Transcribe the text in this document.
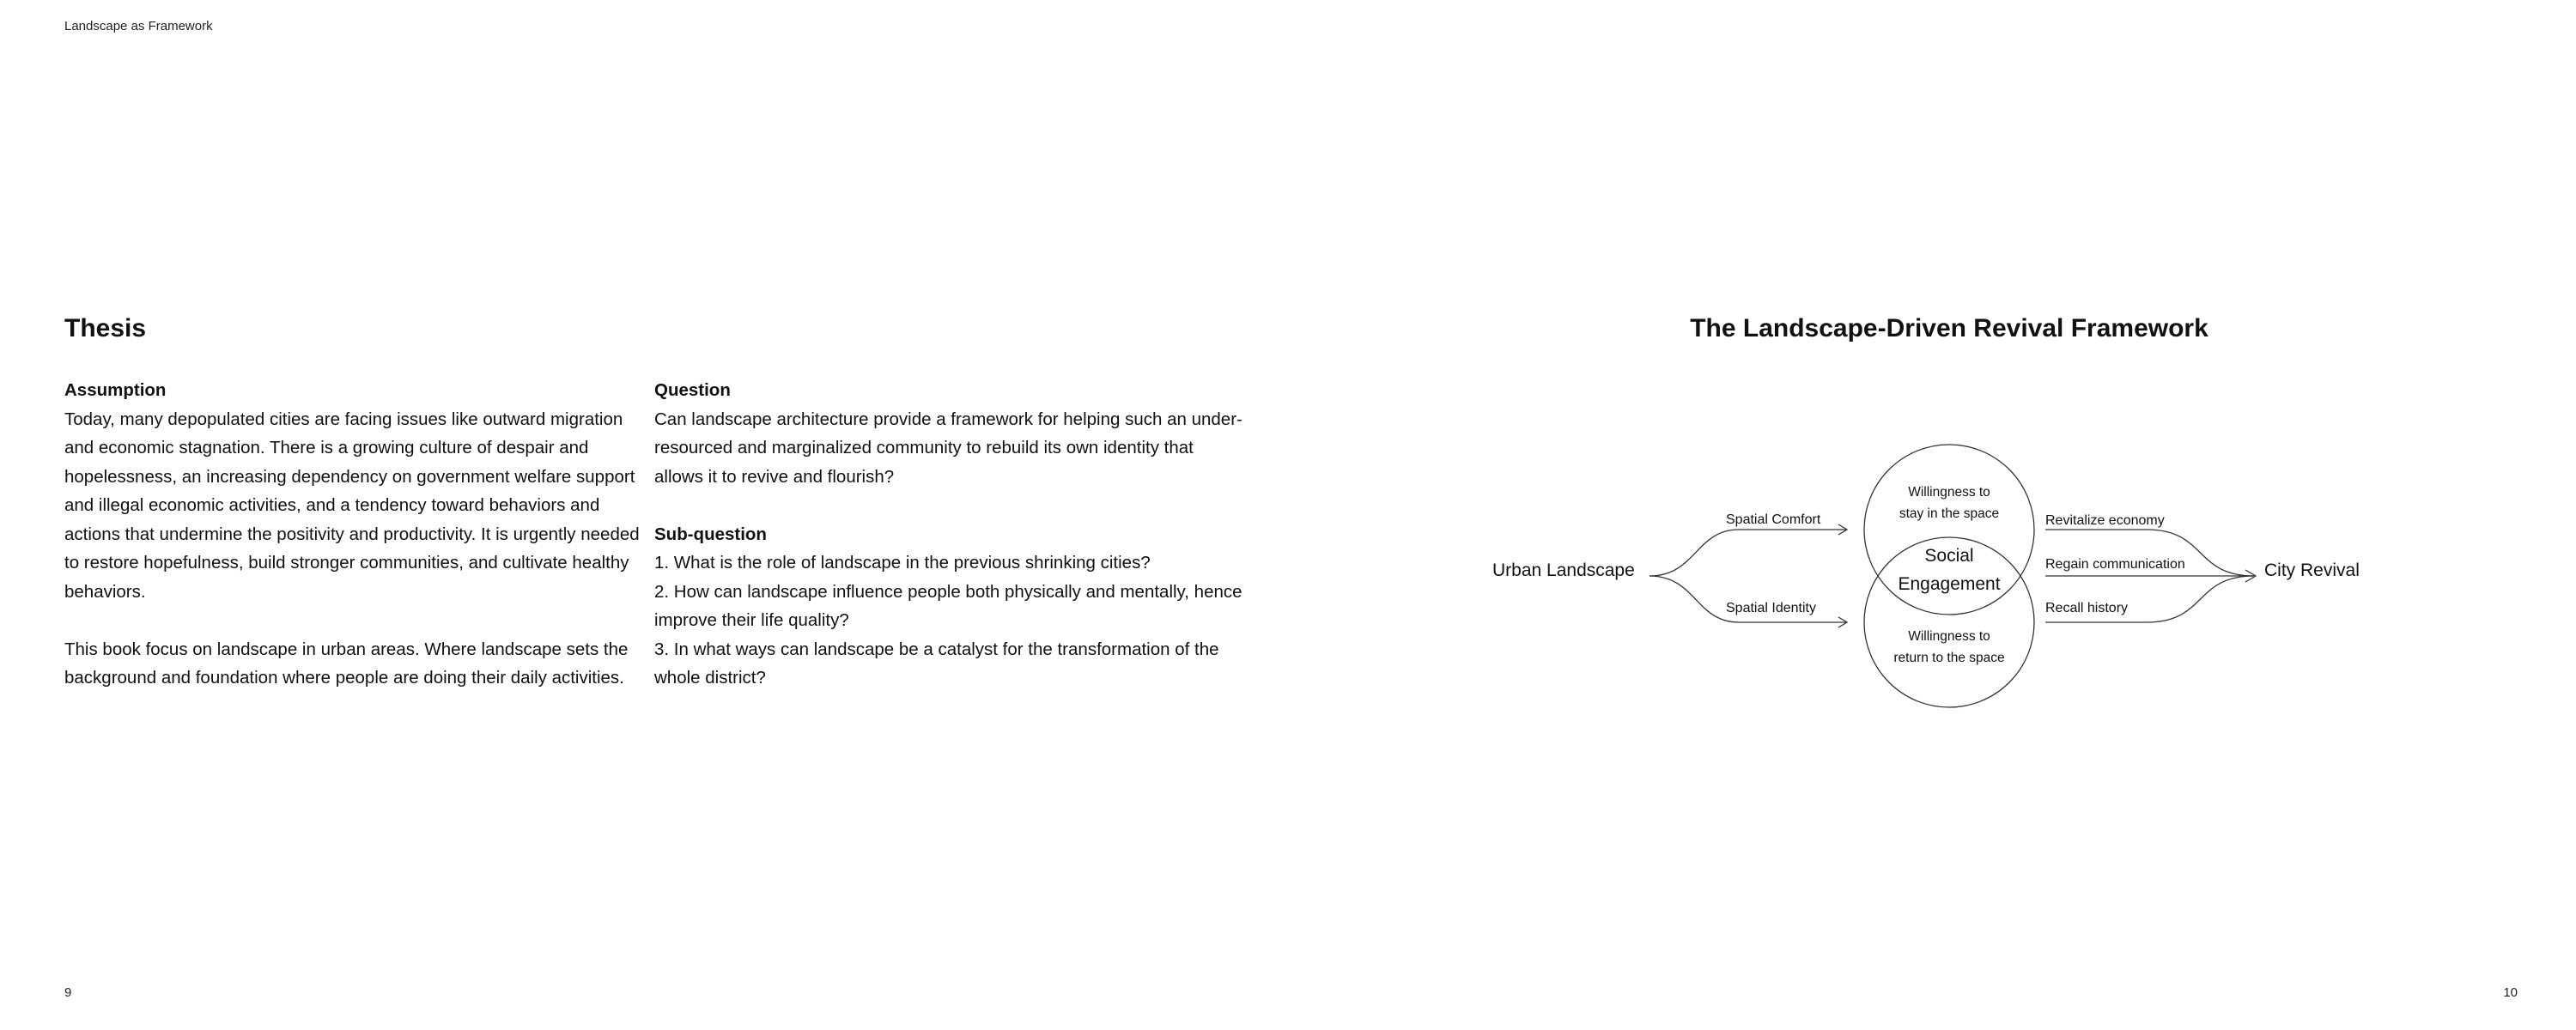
Landscape as Framework
Thesis
Assumption

Today, many depopulated cities are facing issues like outward migration and economic stagnation. There is a growing culture of despair and hopelessness, an increasing dependency on government welfare support and illegal economic activities, and a tendency toward behaviors and actions that undermine the positivity and productivity. It is urgently needed to restore hopefulness, build stronger communities, and cultivate healthy behaviors.

This book focus on landscape in urban areas. Where landscape sets the background and foundation where people are doing their daily activities.

Question

Can landscape architecture provide a framework for helping such an under-resourced and marginalized community to rebuild its own identity that allows it to revive and flourish?

Sub-question

1. What is the role of landscape in the previous shrinking cities?

2. How can landscape influence people both physically and mentally, hence improve their life quality?

3. In what ways can landscape be a catalyst for the transformation of the whole district?

The Landscape-Driven Revival Framework
Urban Landscape	City Revival
Spatial Comfort
Spatial Identity
Revitalize economy
Regain communication
Recall history
Willingness to
stay in the space
Social
Engagement
Willingness to
return to the space
9	10
